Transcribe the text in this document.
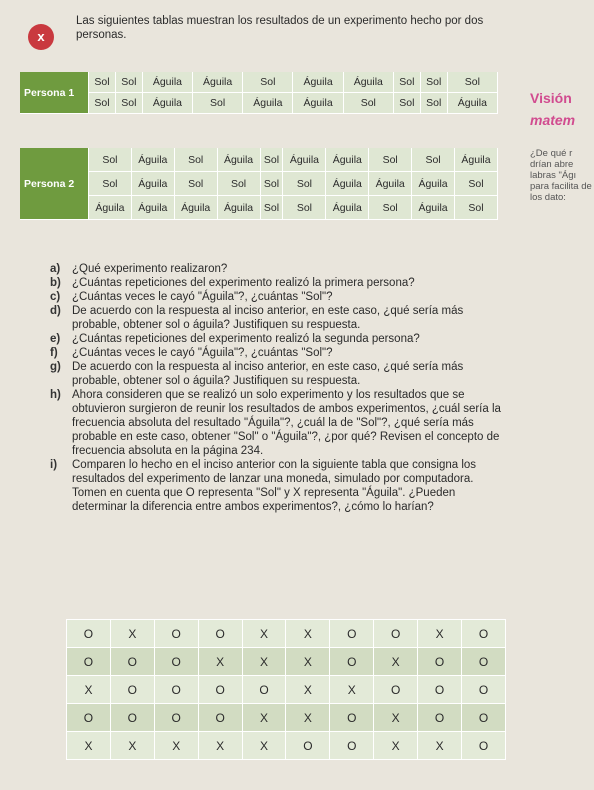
x
Las siguientes tablas muestran los resultados de un experimento hecho por dos personas.
Persona 1	Sol	Sol	Águila	Águila	Sol	Águila	Águila	Sol	Sol	Sol
	Sol	Sol	Águila	Sol	Águila	Águila	Sol	Sol	Sol	Águila
Persona 2	Sol	Águila	Sol	Águila	Sol	Águila	Águila	Sol	Sol	Águila
	Sol	Águila	Sol	Sol	Sol	Sol	Águila	Águila	Águila	Sol
	Águila	Águila	Águila	Águila	Sol	Sol	Águila	Sol	Águila	Sol
Visión
matem
¿De qué r drían abre labras "Ágı para facilita de los dato:

a) ¿Qué experimento realizaron?

b) ¿Cuántas repeticiones del experimento realizó la primera persona?

c) ¿Cuántas veces le cayó "Águila"?, ¿cuántas "Sol"?

d) De acuerdo con la respuesta al inciso anterior, en este caso, ¿qué sería más probable, obtener sol o águila? Justifiquen su respuesta.

e) ¿Cuántas repeticiones del experimento realizó la segunda persona?

f) ¿Cuántas veces le cayó "Águila"?, ¿cuántas "Sol"?

g) De acuerdo con la respuesta al inciso anterior, en este caso, ¿qué sería más probable, obtener sol o águila? Justifiquen su respuesta.

h) Ahora consideren que se realizó un solo experimento y los resultados que se obtuvieron surgieron de reunir los resultados de ambos experimentos, ¿cuál sería la frecuencia absoluta del resultado "Águila"?, ¿cuál la de "Sol"?, ¿qué sería más probable en este caso, obtener "Sol" o "Águila"?, ¿por qué? Revisen el concepto de frecuencia absoluta en la página 234.

i) Comparen lo hecho en el inciso anterior con la siguiente tabla que consigna los resultados del experimento de lanzar una moneda, simulado por computadora. Tomen en cuenta que O representa "Sol" y X representa "Águila". ¿Pueden determinar la diferencia entre ambos experimentos?, ¿cómo lo harían?

O	X	O	O	X	X	O	O	X	O
O	O	O	X	X	X	O	X	O	O
X	O	O	O	O	X	X	O	O	O
O	O	O	O	X	X	O	X	O	O
X	X	X	X	X	O	O	X	X	O
